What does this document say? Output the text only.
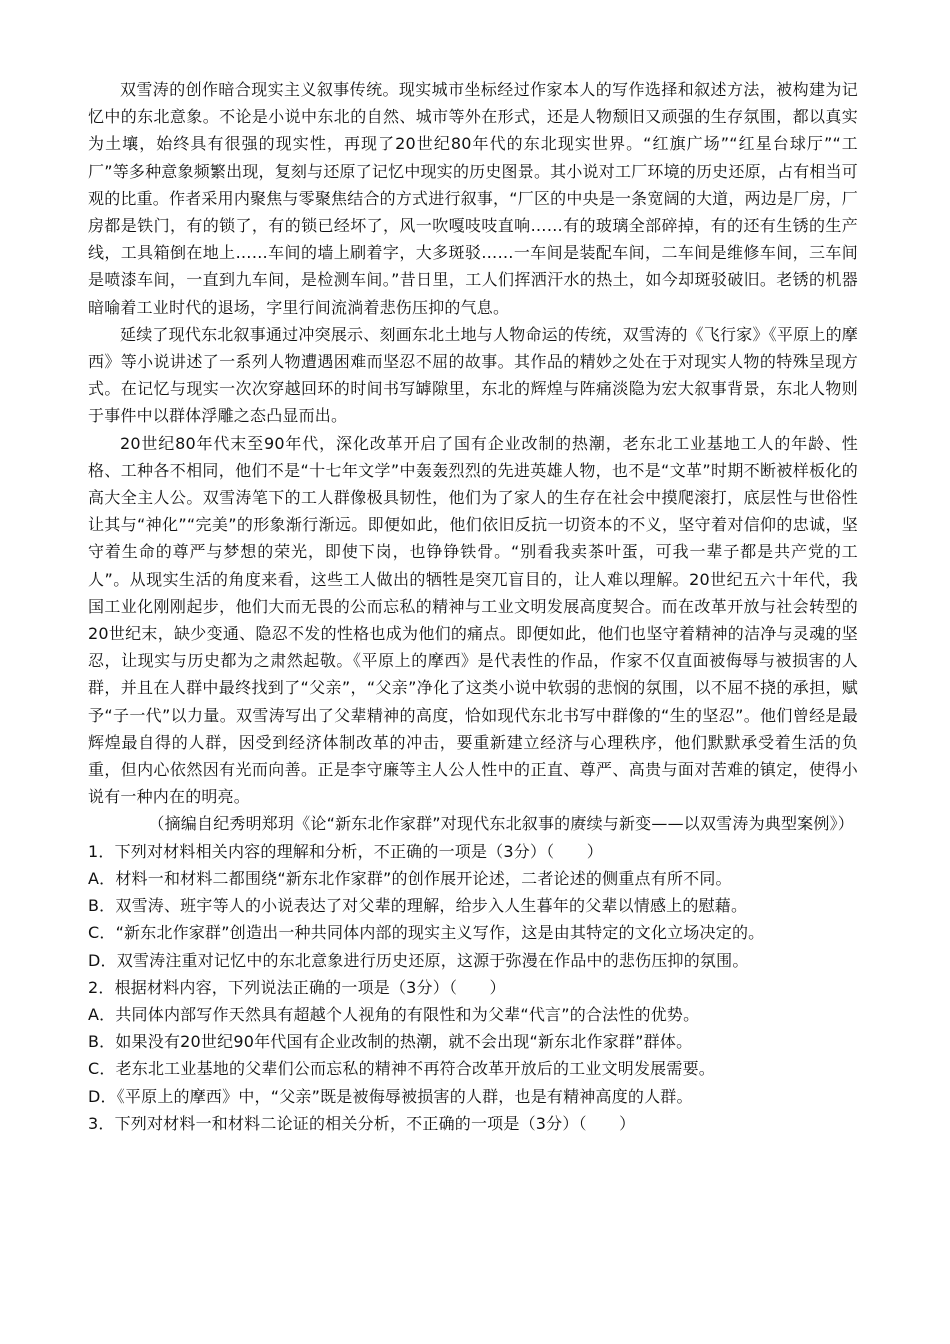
双雪涛的创作暗合现实主义叙事传统。现实城市坐标经过作家本人的写作选择和叙述方法，被构建为记忆中的东北意象。不论是小说中东北的自然、城市等外在形式，还是人物颓旧又顽强的生存氛围，都以真实为土壤，始终具有很强的现实性，再现了20世纪80年代的东北现实世界。“红旗广场”“红星台球厅”“工厂”等多种意象频繁出现，复刻与还原了记忆中现实的历史图景。其小说对工厂环境的历史还原，占有相当可观的比重。作者采用内聚焦与零聚焦结合的方式进行叙事，“厂区的中央是一条宽阔的大道，两边是厂房，厂房都是铁门，有的锁了，有的锁已经坏了，风一吹嘎吱吱直响……有的玻璃全部碎掉，有的还有生锈的生产线，工具箱倒在地上……车间的墙上刷着字，大多斑驳……一车间是装配车间，二车间是维修车间，三车间是喷漆车间，一直到九车间，是检测车间。”昔日里，工人们挥洒汗水的热土，如今却斑驳破旧。老锈的机器暗喻着工业时代的退场，字里行间流淌着悲伤压抑的气息。

延续了现代东北叙事通过冲突展示、刻画东北土地与人物命运的传统，双雪涛的《飞行家》《平原上的摩西》等小说讲述了一系列人物遭遇困难而坚忍不屈的故事。其作品的精妙之处在于对现实人物的特殊呈现方式。在记忆与现实一次次穿越回环的时间书写罅隙里，东北的辉煌与阵痛淡隐为宏大叙事背景，东北人物则于事件中以群体浮雕之态凸显而出。

20世纪80年代末至90年代，深化改革开启了国有企业改制的热潮，老东北工业基地工人的年龄、性格、工种各不相同，他们不是“十七年文学”中轰轰烈烈的先进英雄人物，也不是“文革”时期不断被样板化的高大全主人公。双雪涛笔下的工人群像极具韧性，他们为了家人的生存在社会中摸爬滚打，底层性与世俗性让其与“神化”“完美”的形象渐行渐远。即便如此，他们依旧反抗一切资本的不义，坚守着对信仰的忠诚，坚守着生命的尊严与梦想的荣光，即使下岗，也铮铮铁骨。“别看我卖茶叶蛋，可我一辈子都是共产党的工人”。从现实生活的角度来看，这些工人做出的牺牲是突兀盲目的，让人难以理解。20世纪五六十年代，我国工业化刚刚起步，他们大而无畏的公而忘私的精神与工业文明发展高度契合。而在改革开放与社会转型的20世纪末，缺少变通、隐忍不发的性格也成为他们的痛点。即便如此，他们也坚守着精神的洁净与灵魂的坚忍，让现实与历史都为之肃然起敬。《平原上的摩西》是代表性的作品，作家不仅直面被侮辱与被损害的人群，并且在人群中最终找到了“父亲”，“父亲”净化了这类小说中软弱的悲悯的氛围，以不屈不挠的承担，赋予“子一代”以力量。双雪涛写出了父辈精神的高度，恰如现代东北书写中群像的“生的坚忍”。他们曾经是最辉煌最自得的人群，因受到经济体制改革的冲击，要重新建立经济与心理秩序，他们默默承受着生活的负重，但内心依然因有光而向善。正是李守廉等主人公人性中的正直、尊严、高贵与面对苦难的镇定，使得小说有一种内在的明亮。

（摘编自纪秀明郑玥《论“新东北作家群”对现代东北叙事的赓续与新变——以双雪涛为典型案例》）

1．下列对材料相关内容的理解和分析，不正确的一项是（3分）（　　）

A．材料一和材料二都围绕“新东北作家群”的创作展开论述，二者论述的侧重点有所不同。

B．双雪涛、班宇等人的小说表达了对父辈的理解，给步入人生暮年的父辈以情感上的慰藉。

C．“新东北作家群”创造出一种共同体内部的现实主义写作，这是由其特定的文化立场决定的。

D．双雪涛注重对记忆中的东北意象进行历史还原，这源于弥漫在作品中的悲伤压抑的氛围。

2．根据材料内容，下列说法正确的一项是（3分）（　　）

A．共同体内部写作天然具有超越个人视角的有限性和为父辈“代言”的合法性的优势。

B．如果没有20世纪90年代国有企业改制的热潮，就不会出现“新东北作家群”群体。

C．老东北工业基地的父辈们公而忘私的精神不再符合改革开放后的工业文明发展需要。

D．《平原上的摩西》中，“父亲”既是被侮辱被损害的人群，也是有精神高度的人群。

3．下列对材料一和材料二论证的相关分析，不正确的一项是（3分）（　　）
